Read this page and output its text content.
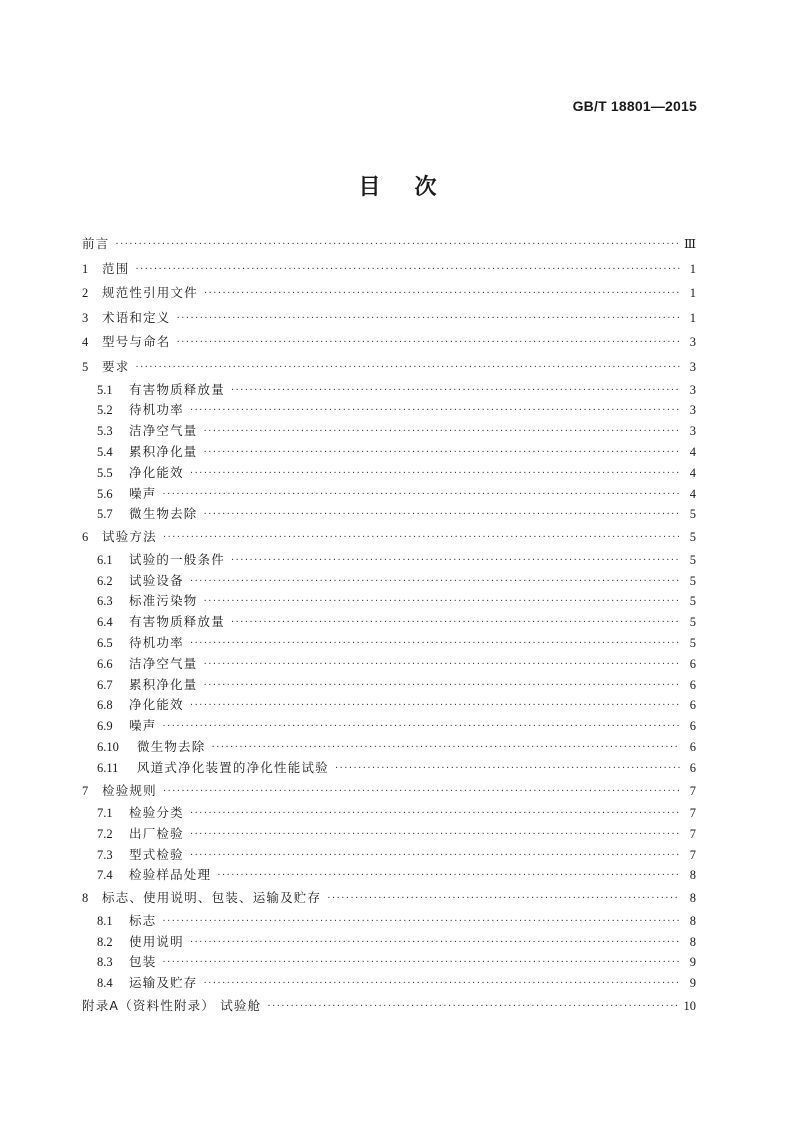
GB/T 18801—2015
目次
前言 ·····	Ⅲ
1	范围 ·····	1
2	规范性引用文件 ·····	1
3	术语和定义 ·····	1
4	型号与命名 ·····	3
5	要求 ·····	3
5.1	有害物质释放量 ·····	3
5.2	待机功率 ·····	3
5.3	洁净空气量 ·····	3
5.4	累积净化量 ·····	4
5.5	净化能效 ·····	4
5.6	噪声 ·····	4
5.7	微生物去除 ·····	5
6	试验方法 ·····	5
6.1	试验的一般条件 ·····	5
6.2	试验设备 ·····	5
6.3	标准污染物 ·····	5
6.4	有害物质释放量 ·····	5
6.5	待机功率 ·····	5
6.6	洁净空气量 ·····	6
6.7	累积净化量 ·····	6
6.8	净化能效 ·····	6
6.9	噪声 ·····	6
6.10	微生物去除 ·····	6
6.11	风道式净化装置的净化性能试验 ·····	6
7	检验规则 ·····	7
7.1	检验分类 ·····	7
7.2	出厂检验 ·····	7
7.3	型式检验 ·····	7
7.4	检验样品处理 ·····	8
8	标志、使用说明、包装、运输及贮存 ·····	8
8.1	标志 ·····	8
8.2	使用说明 ·····	8
8.3	包装 ·····	9
8.4	运输及贮存 ·····	9
附录A（资料性附录） 试验舱 ·····	10
